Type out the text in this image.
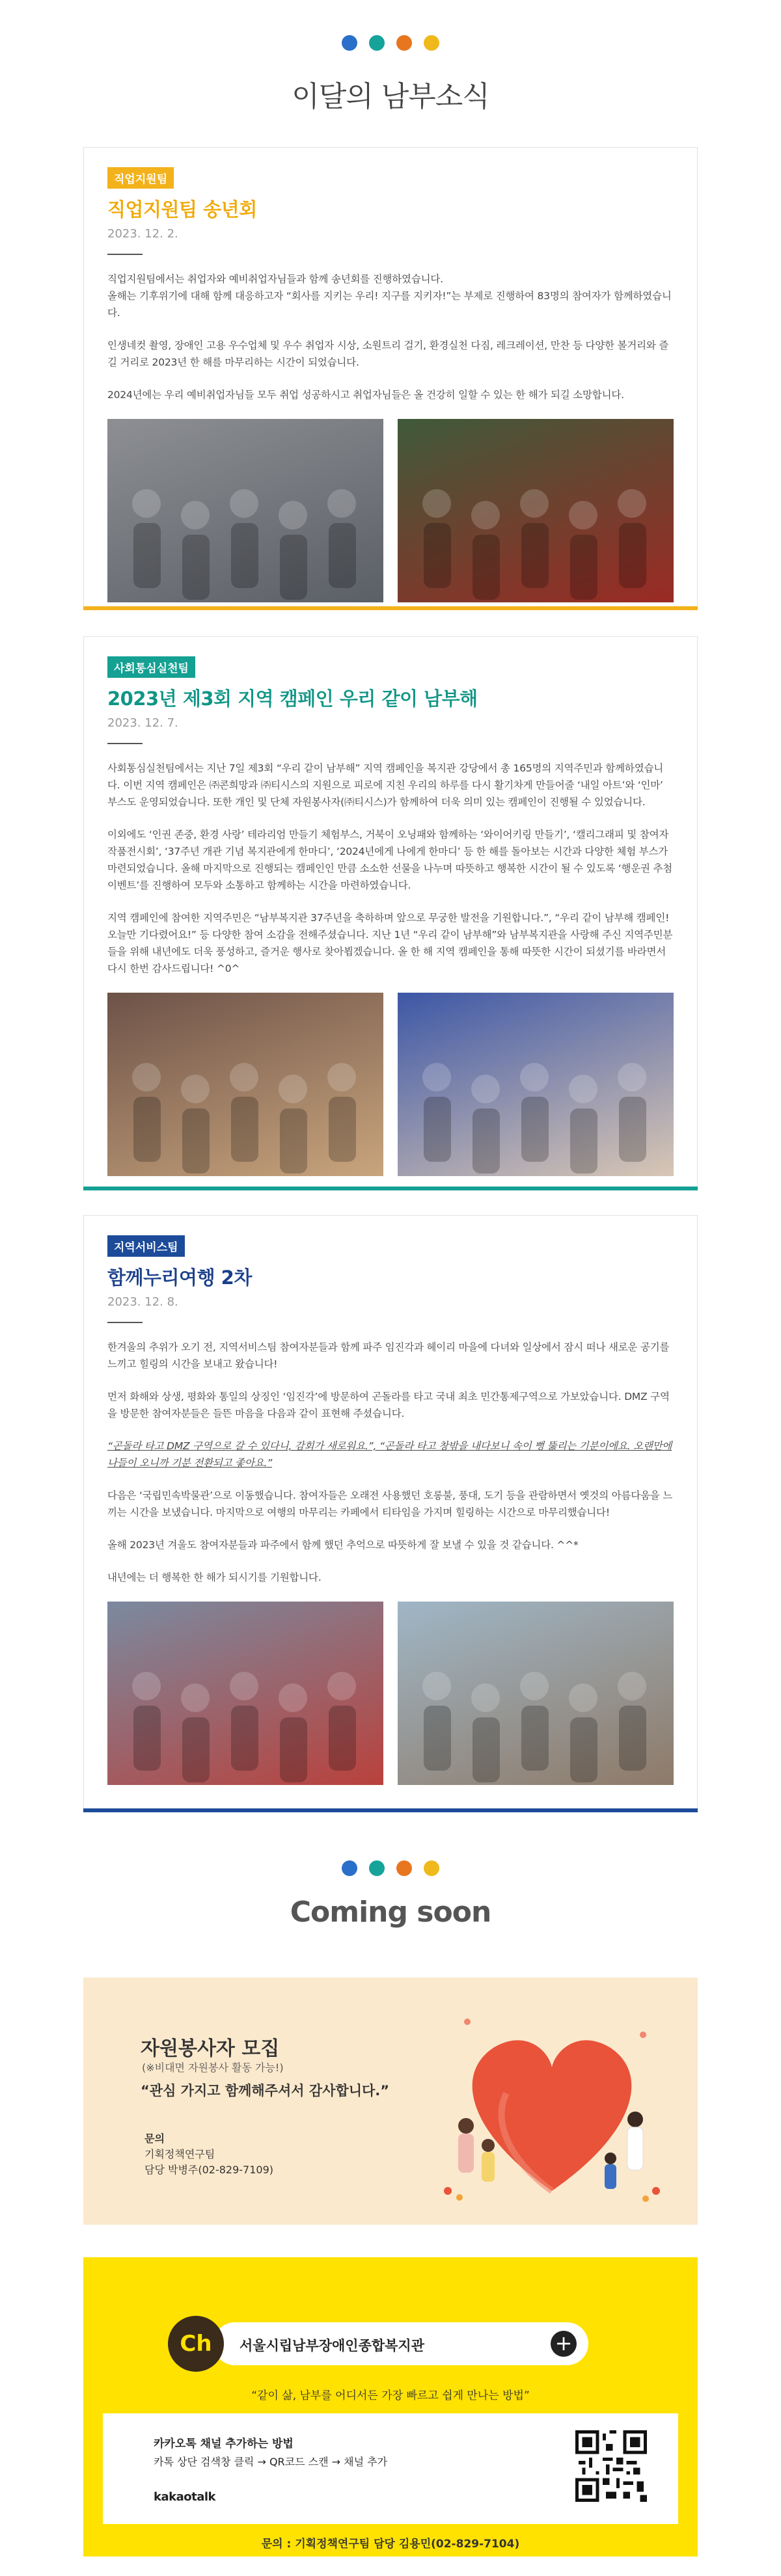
이달의 남부소식
직업지원팀
직업지원팀 송년회
2023. 12. 2.

직업지원팀에서는 취업자와 예비취업자님들과 함께 송년회를 진행하였습니다.
올해는 기후위기에 대해 함께 대응하고자 “회사를 지키는 우리! 지구를 지키자!”는 부제로 진행하여 83명의 참여자가 함께하였습니다.

인생네컷 촬영, 장애인 고용 우수업체 및 우수 취업자 시상, 소원트리 걸기, 환경실천 다짐, 레크레이션, 만찬 등 다양한 볼거리와 즐길 거리로 2023년 한 해를 마무리하는 시간이 되었습니다.

2024년에는 우리 예비취업자님들 모두 취업 성공하시고 취업자님들은 올 건강히 일할 수 있는 한 해가 되길 소망합니다.

사회통심실천팀
2023년 제3회 지역 캠페인 우리 같이 남부해
2023. 12. 7.

사회통심실천팀에서는 지난 7일 제3회 “우리 같이 남부해” 지역 캠페인을 복지관 강당에서 총 165명의 지역주민과 함께하였습니다. 이번 지역 캠페인은 ㈜콘희망과 ㈜티시스의 지원으로 피로에 지친 우리의 하루를 다시 활기차게 만들어줄 ‘내일 아트’와 ‘인마’ 부스도 운영되었습니다. 또한 개인 및 단체 자원봉사자(㈜티시스)가 함께하여 더욱 의미 있는 캠페인이 진행될 수 있었습니다.

이외에도 ‘인권 존중, 환경 사랑’ 테라리엄 만들기 체험부스, 거북이 오닝패와 함께하는 ‘와이어키링 만들기’, ‘캘리그래피 및 참여자 작품전시회’, ‘37주년 개관 기념 복지관에게 한마디’, ‘2024년에게 나에게 한마디’ 등 한 해를 돌아보는 시간과 다양한 체험 부스가 마련되었습니다. 올해 마지막으로 진행되는 캠페인인 만큼 소소한 선물을 나누며 따뜻하고 행복한 시간이 될 수 있도록 ‘행운권 추첨 이벤트’를 진행하여 모두와 소통하고 함께하는 시간을 마련하였습니다.

지역 캠페인에 참여한 지역주민은 “남부복지관 37주년을 축하하며 앞으로 무궁한 발전을 기원합니다.”, “우리 같이 남부해 캠페인! 오늘만 기다렸어요!” 등 다양한 참여 소감을 전해주셨습니다. 지난 1년 “우리 같이 남부해”와 남부복지관을 사랑해 주신 지역주민분들을 위해 내년에도 더욱 풍성하고, 즐거운 행사로 찾아뵙겠습니다. 올 한 해 지역 캠페인을 통해 따뜻한 시간이 되셨기를 바라면서 다시 한번 감사드립니다! ^0^

지역서비스팀
함께누리여행 2차
2023. 12. 8.

한겨울의 추위가 오기 전, 지역서비스팀 참여자분들과 함께 파주 임진각과 헤이리 마을에 다녀와 일상에서 잠시 떠나 새로운 공기를 느끼고 힐링의 시간을 보내고 왔습니다!

먼저 화해와 상생, 평화와 통일의 상징인 ‘임진각’에 방문하여 곤돌라를 타고 국내 최초 민간통제구역으로 가보았습니다. DMZ 구역을 방문한 참여자분들은 들뜬 마음을 다음과 같이 표현해 주셨습니다.

“곤돌라 타고 DMZ 구역으로 갈 수 있다니, 감회가 새로워요.”, “곤돌라 타고 창밖을 내다보니 속이 뻥 뚫리는 기분이에요. 오랜만에 나들이 오니까 기분 전환되고 좋아요.”

다음은 ‘국립민속박물관’으로 이동했습니다. 참여자들은 오래전 사용했던 호롱불, 풍대, 도기 등을 관람하면서 옛것의 아름다움을 느끼는 시간을 보냈습니다. 마지막으로 여행의 마무리는 카페에서 티타임을 가지며 힐링하는 시간으로 마무리했습니다!

올해 2023년 겨울도 참여자분들과 파주에서 함께 했던 추억으로 따뜻하게 잘 보낼 수 있을 것 같습니다. ^^*

내년에는 더 행복한 한 해가 되시기를 기원합니다.

Coming soon
자원봉사자 모집
(※비대면 자원봉사 활동 가능!)
“관심 가지고 함께해주셔서 감사합니다.”
문의
기획정책연구팀
담당 박병주(02-829-7109)
서울시립남부장애인종합복지관	+
Ch
“같이 삶, 남부를 어디서든 가장 빠르고 쉽게 만나는 방법”
카카오톡 채널 추가하는 방법
카톡 상단 검색창 클릭 → QR코드 스캔 → 채널 추가
kakaotalk
문의 : 기획정책연구팀 담당 김용민(02-829-7104)
